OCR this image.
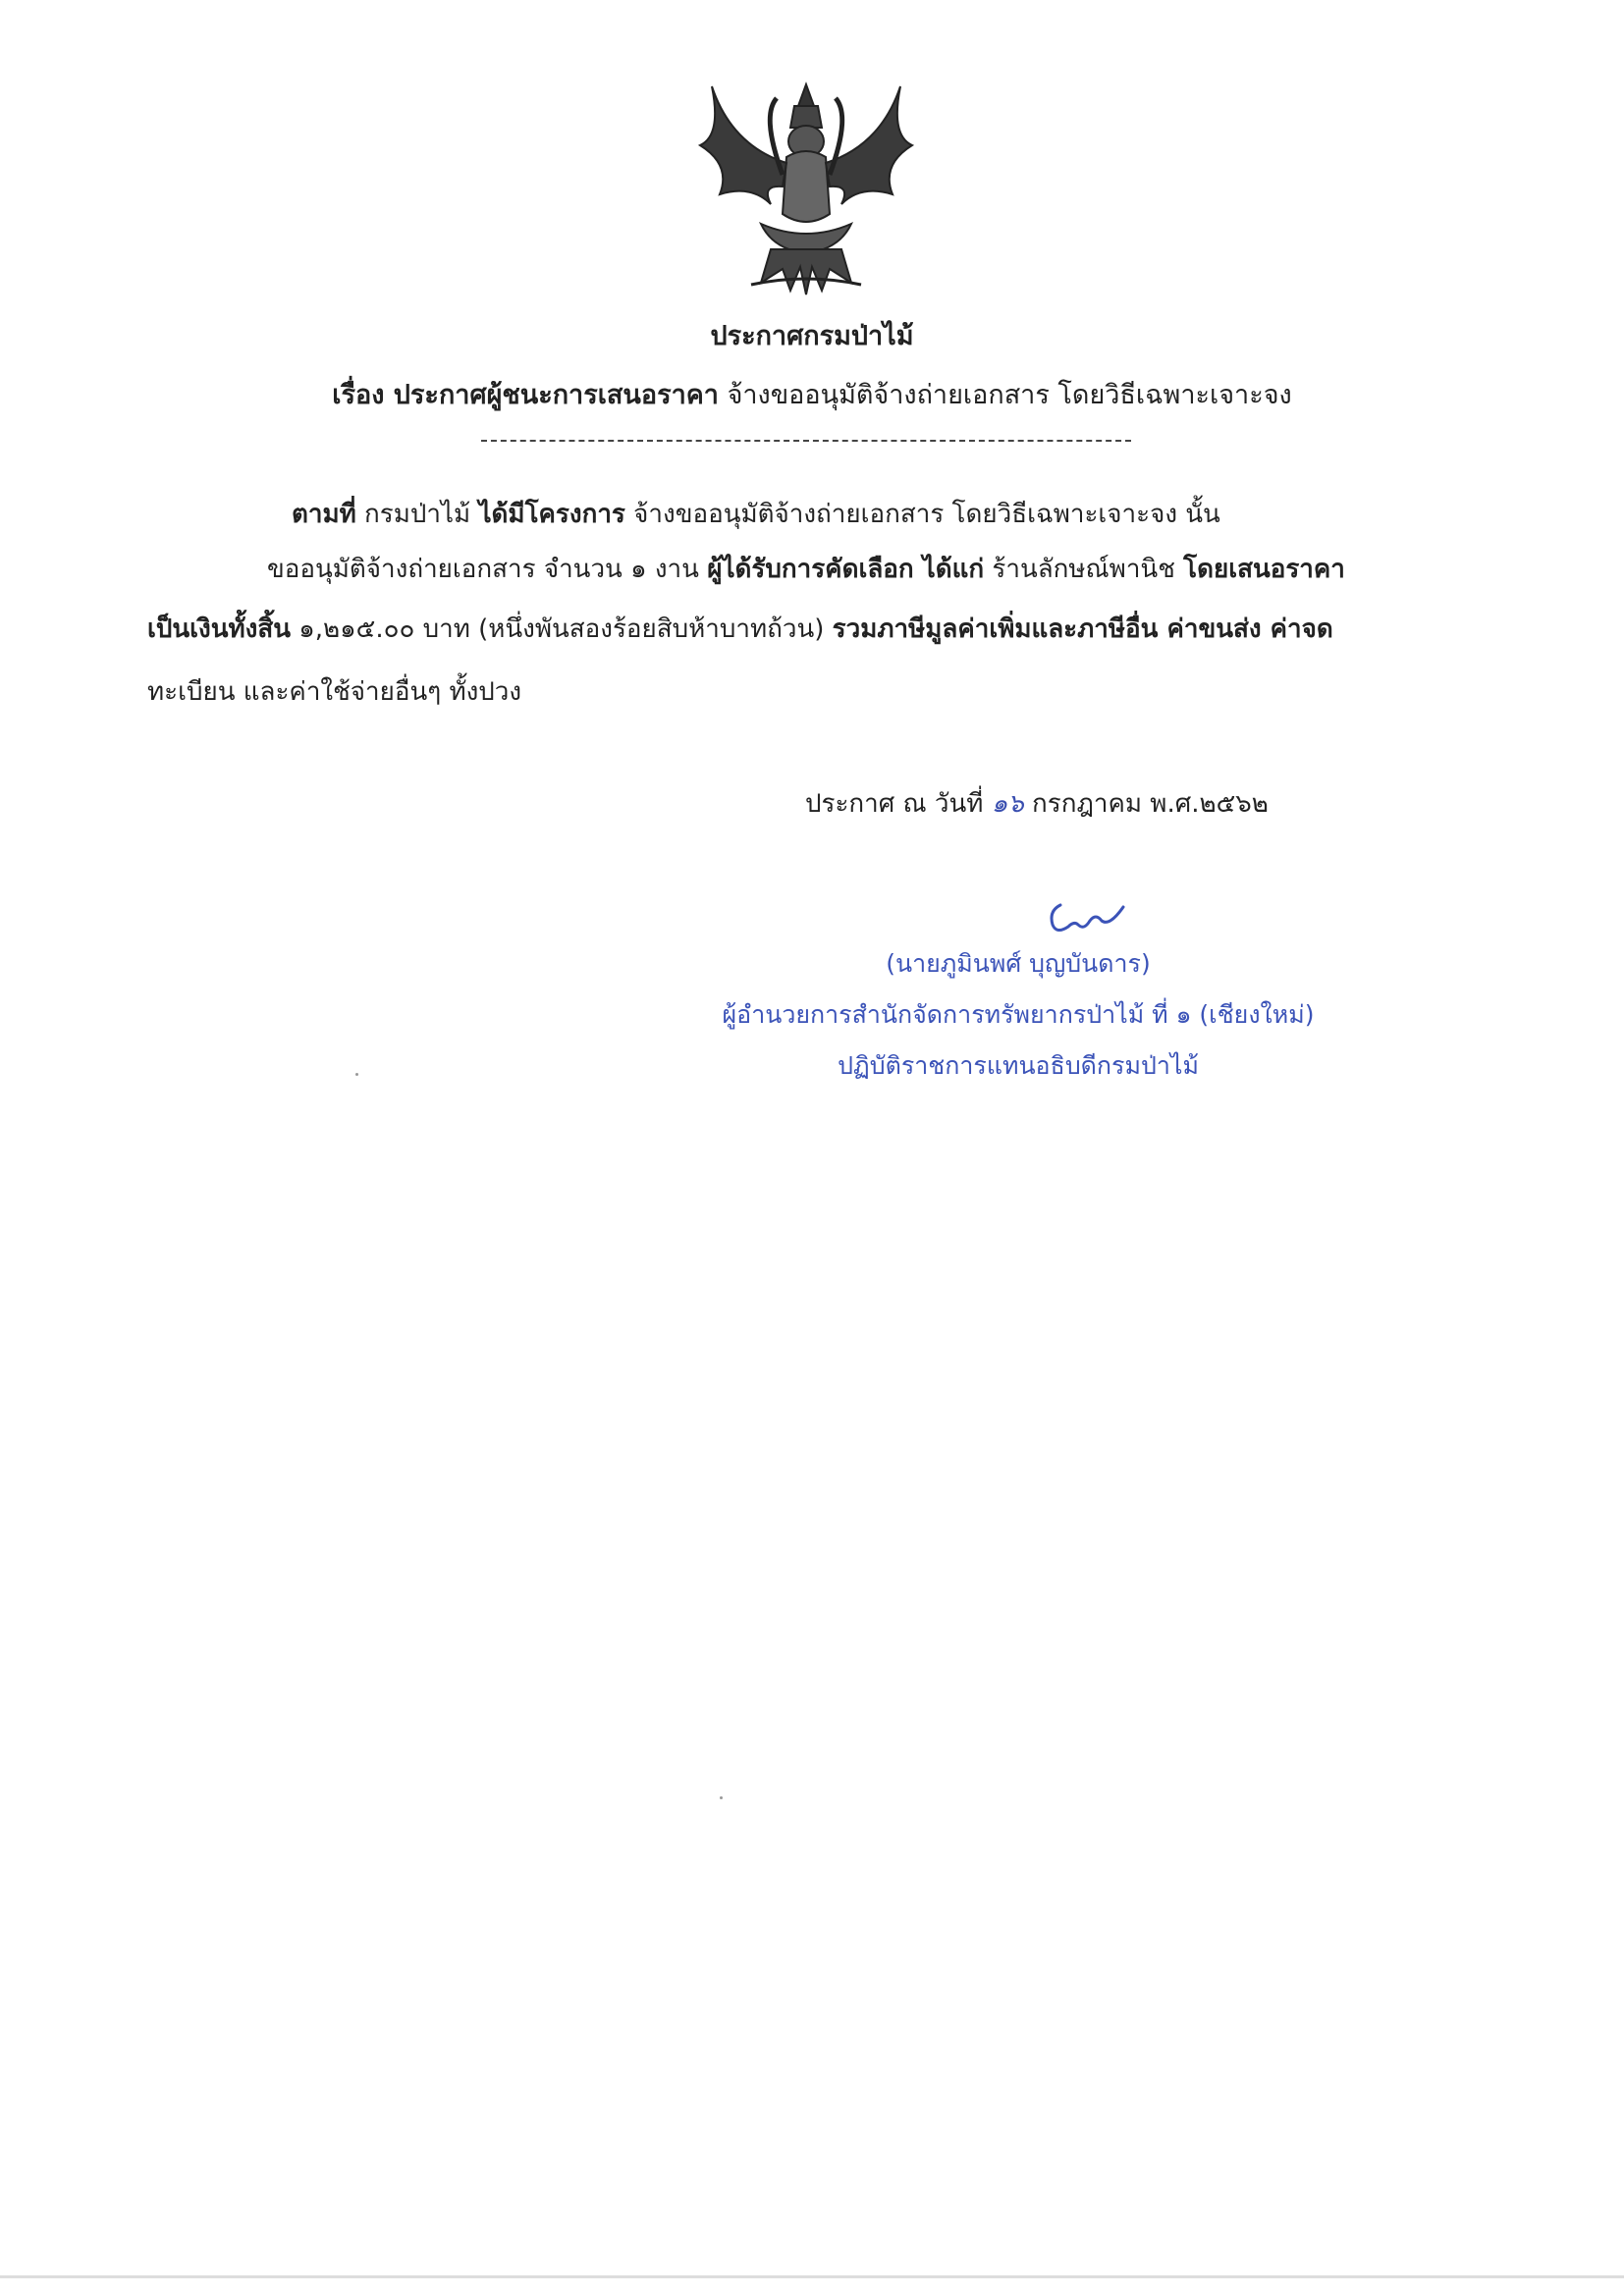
ประกาศกรมป่าไม้
เรื่อง ประกาศผู้ชนะการเสนอราคา จ้างขออนุมัติจ้างถ่ายเอกสาร โดยวิธีเฉพาะเจาะจง
ตามที่ กรมป่าไม้ ได้มีโครงการ จ้างขออนุมัติจ้างถ่ายเอกสาร โดยวิธีเฉพาะเจาะจง นั้น
ขออนุมัติจ้างถ่ายเอกสาร จำนวน ๑ งาน ผู้ได้รับการคัดเลือก ได้แก่ ร้านลักษณ์พานิช โดยเสนอราคา
เป็นเงินทั้งสิ้น ๑,๒๑๕.๐๐ บาท (หนึ่งพันสองร้อยสิบห้าบาทถ้วน) รวมภาษีมูลค่าเพิ่มและภาษีอื่น ค่าขนส่ง ค่าจด
ทะเบียน และค่าใช้จ่ายอื่นๆ ทั้งปวง
ประกาศ ณ วันที่ ๑๖ กรกฎาคม พ.ศ.๒๕๖๒
(นายภูมินพศ์ บุญบันดาร)
ผู้อำนวยการสำนักจัดการทรัพยากรป่าไม้ ที่ ๑ (เชียงใหม่)
ปฏิบัติราชการแทนอธิบดีกรมป่าไม้
